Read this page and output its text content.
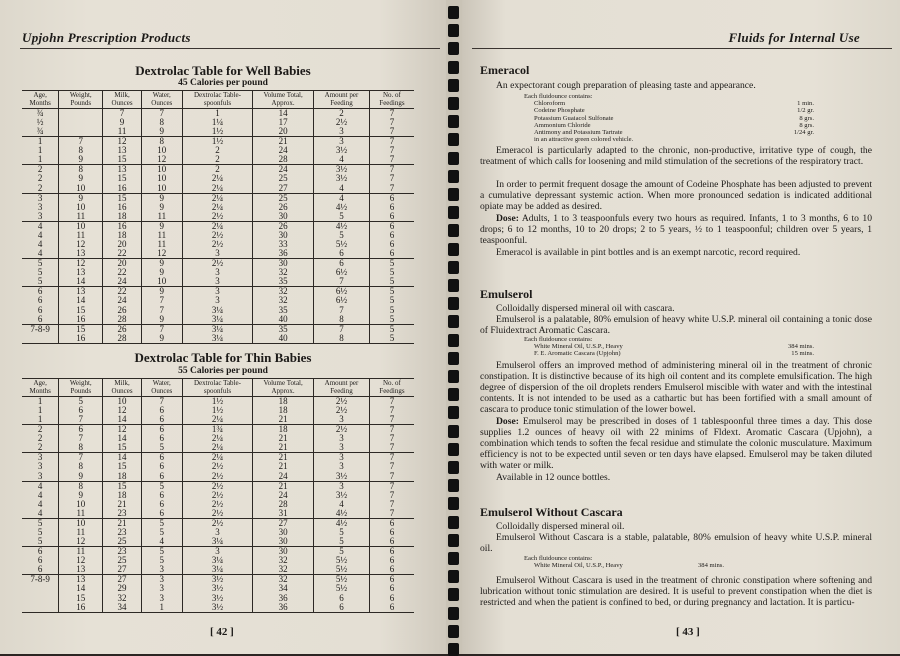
Upjohn Prescription Products
Dextrolac Table for Well Babies
45 Calories per pound
Age, Months	Weight, Pounds	Milk, Ounces	Water, Ounces	Dextrolac Table-spoonfuls	Volume Total, Approx.	Amount per Feeding	No. of Feedings
¾		7	7	1	14	2	7
½		9	8	1¼	17	2½	7
¾		11	9	1½	20	3	7
1	7	12	8	1½	21	3	7
1	8	13	10	2	24	3½	7
1	9	15	12	2	28	4	7
2	8	13	10	2	24	3½	7
2	9	15	10	2¼	25	3½	7
2	10	16	10	2¼	27	4	7
3	9	15	9	2¼	25	4	6
3	10	16	9	2¼	26	4½	6
3	11	18	11	2½	30	5	6
4	10	16	9	2¼	26	4½	6
4	11	18	11	2½	30	5	6
4	12	20	11	2½	33	5½	6
4	13	22	12	3	36	6	6
5	12	20	9	2½	30	6	5
5	13	22	9	3	32	6½	5
5	14	24	10	3	35	7	5
6	13	22	9	3	32	6½	5
6	14	24	7	3	32	6½	5
6	15	26	7	3¼	35	7	5
6	16	28	9	3¼	40	8	5
7-8-9	15	26	7	3¼	35	7	5
	16	28	9	3¼	40	8	5
Dextrolac Table for Thin Babies
55 Calories per pound
Age, Months	Weight, Pounds	Milk, Ounces	Water, Ounces	Dextrolac Table-spoonfuls	Volume Total, Approx.	Amount per Feeding	No. of Feedings
1	5	10	7	1½	18	2½	7
1	6	12	6	1½	18	2½	7
1	7	14	6	2¼	21	3	7
2	6	12	6	1¾	18	2½	7
2	7	14	6	2¼	21	3	7
2	8	15	5	2¼	21	3	7
3	7	14	6	2¼	21	3	7
3	8	15	6	2½	21	3	7
3	9	18	6	2½	24	3½	7
4	8	15	5	2½	21	3	7
4	9	18	6	2½	24	3½	7
4	10	21	6	2½	28	4	7
4	11	23	6	2½	31	4½	7
5	10	21	5	2½	27	4½	6
5	11	23	5	3	30	5	6
5	12	25	4	3¼	30	5	6
6	11	23	5	3	30	5	6
6	12	25	5	3¼	32	5½	6
6	13	27	3	3¼	32	5½	6
7-8-9	13	27	3	3½	32	5½	6
	14	29	3	3½	34	5½	6
	15	32	3	3½	36	6	6
	16	34	1	3½	36	6	6
[ 42 ]
Fluids for Internal Use
Emeracol
An expectorant cough preparation of pleasing taste and appearance.
Each fluidounce contains:
Chloroform	1 min.
Codeine Phosphate	1/2 gr.
Potassium Guaiacol Sulfonate	8 grs.
Ammonium Chloride	8 grs.
Antimony and Potassium Tartrate	1/24 gr.
in an attractive green colored vehicle.
Emeracol is particularly adapted to the chronic, non-productive, irritative type of cough, the treatment of which calls for loosening and mild stimulation of the secretions of the respiratory tract.
In order to permit frequent dosage the amount of Codeine Phosphate has been adjusted to prevent a cumulative depressant systemic action. When more pronounced sedation is indicated additional opiate may be added as desired.
Dose: Adults, 1 to 3 teaspoonfuls every two hours as required. Infants, 1 to 3 months, 6 to 10 drops; 6 to 12 months, 10 to 20 drops; 2 to 5 years, ½ to 1 teaspoonful; children over 5 years, 1 teaspoonful.
Emeracol is available in pint bottles and is an exempt narcotic, record required.
Emulserol
Colloidally dispersed mineral oil with cascara.
Emulserol is a palatable, 80% emulsion of heavy white U.S.P. mineral oil containing a tonic dose of Fluidextract Aromatic Cascara.
Each fluidounce contains:
White Mineral Oil, U.S.P., Heavy	384 mins.
F. E. Aromatic Cascara (Upjohn)	15 mins.
Emulserol offers an improved method of administering mineral oil in the treatment of chronic constipation. It is distinctive because of its high oil content and its complete emulsification. The high degree of dispersion of the oil droplets renders Emulserol miscible with water and with the intestinal contents. It is not intended to be used as a cathartic but has been fortified with a small amount of cascara to produce tonic stimulation of the lower bowel.
Dose: Emulserol may be prescribed in doses of 1 tablespoonful three times a day. This dose supplies 1.2 ounces of heavy oil with 22 minims of Fldext. Aromatic Cascara (Upjohn), a combination which tends to soften the fecal residue and stimulate the colonic musculature. Maximum efficiency is not to be expected until seven or ten days have elapsed. Emulserol may be taken diluted with water or milk.
Available in 12 ounce bottles.
Emulserol Without Cascara
Colloidally dispersed mineral oil.
Emulserol Without Cascara is a stable, palatable, 80% emulsion of heavy white U.S.P. mineral oil.
Each fluidounce contains:
White Mineral Oil, U.S.P., Heavy	384 mins.
Emulserol Without Cascara is used in the treatment of chronic constipation where softening and lubrication without tonic stimulation are desired. It is useful to prevent constipation when the diet is restricted and when the patient is confined to bed, or during pregnancy and lactation. It is particu-
[ 43 ]
